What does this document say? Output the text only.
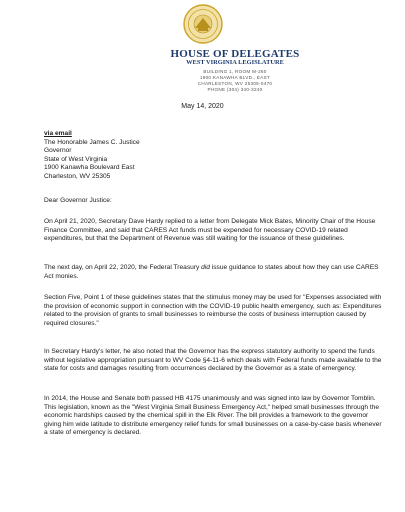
HOUSE OF DELEGATES
WEST VIRGINIA LEGISLATURE
BUILDING 1, ROOM M-260
1900 KANAWHA BLVD., EAST
CHARLESTON, WV 25305-0470
PHONE (304) 340-3240
May 14, 2020

via email

The Honorable James C. Justice

Governor

State of West Virginia

1900 Kanawha Boulevard East

Charleston, WV 25305

Dear Governor Justice:
On April 21, 2020, Secretary Dave Hardy replied to a letter from Delegate Mick Bates, Minority Chair of the House Finance Committee, and said that CARES Act funds must be expended for necessary COVID-19 related expenditures, but that the Department of Revenue was still waiting for the issuance of these guidelines.
The next day, on April 22, 2020, the Federal Treasury did issue guidance to states about how they can use CARES Act monies.
Section Five, Point 1 of these guidelines states that the stimulus money may be used for "Expenses associated with the provision of economic support in connection with the COVID-19 public health emergency, such as: Expenditures related to the provision of grants to small businesses to reimburse the costs of business interruption caused by required closures."
In Secretary Hardy's letter, he also noted that the Governor has the express statutory authority to spend the funds without legislative appropriation pursuant to WV Code §4-11-6 which deals with Federal funds made available to the state for costs and damages resulting from occurrences declared by the Governor as a state of emergency.
In 2014, the House and Senate both passed HB 4175 unanimously and was signed into law by Governor Tomblin. This legislation, known as the "West Virginia Small Business Emergency Act," helped small businesses through the economic hardships caused by the chemical spill in the Elk River. The bill provides a framework to the governor giving him wide latitude to distribute emergency relief funds for small businesses on a case-by-case basis whenever a state of emergency is declared.
